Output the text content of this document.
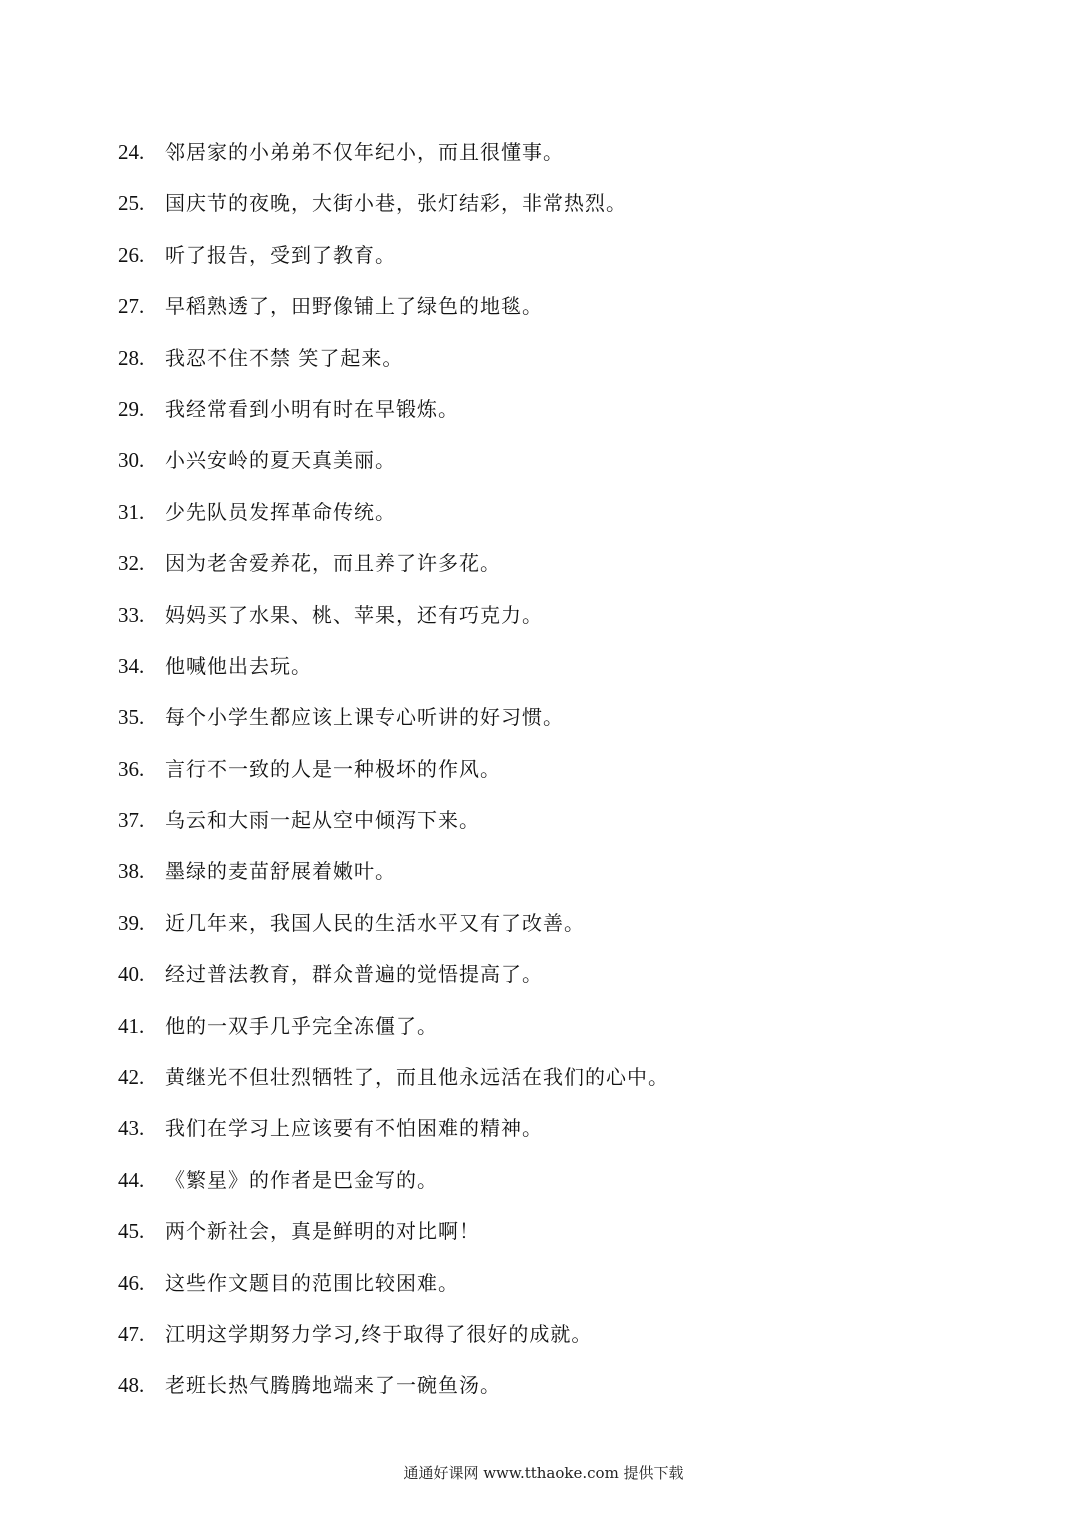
24.	邻居家的小弟弟不仅年纪小，而且很懂事。
25.	国庆节的夜晚，大街小巷，张灯结彩，非常热烈。
26.	听了报告，受到了教育。
27.	早稻熟透了，田野像铺上了绿色的地毯。
28.	我忍不住不禁 笑了起来。
29.	我经常看到小明有时在早锻炼。
30.	小兴安岭的夏天真美丽。
31.	少先队员发挥革命传统。
32.	因为老舍爱养花，而且养了许多花。
33.	妈妈买了水果、桃、苹果，还有巧克力。
34.	他喊他出去玩。
35.	每个小学生都应该上课专心听讲的好习惯。
36.	言行不一致的人是一种极坏的作风。
37.	乌云和大雨一起从空中倾泻下来。
38.	墨绿的麦苗舒展着嫩叶。
39.	近几年来，我国人民的生活水平又有了改善。
40.	经过普法教育，群众普遍的觉悟提高了。
41.	他的一双手几乎完全冻僵了。
42.	黄继光不但壮烈牺牲了，而且他永远活在我们的心中。
43.	我们在学习上应该要有不怕困难的精神。
44.	《繁星》的作者是巴金写的。
45.	两个新社会，真是鲜明的对比啊！
46.	这些作文题目的范围比较困难。
47.	江明这学期努力学习,终于取得了很好的成就。
48.	老班长热气腾腾地端来了一碗鱼汤。
通通好课网 www.tthaoke.com 提供下载
